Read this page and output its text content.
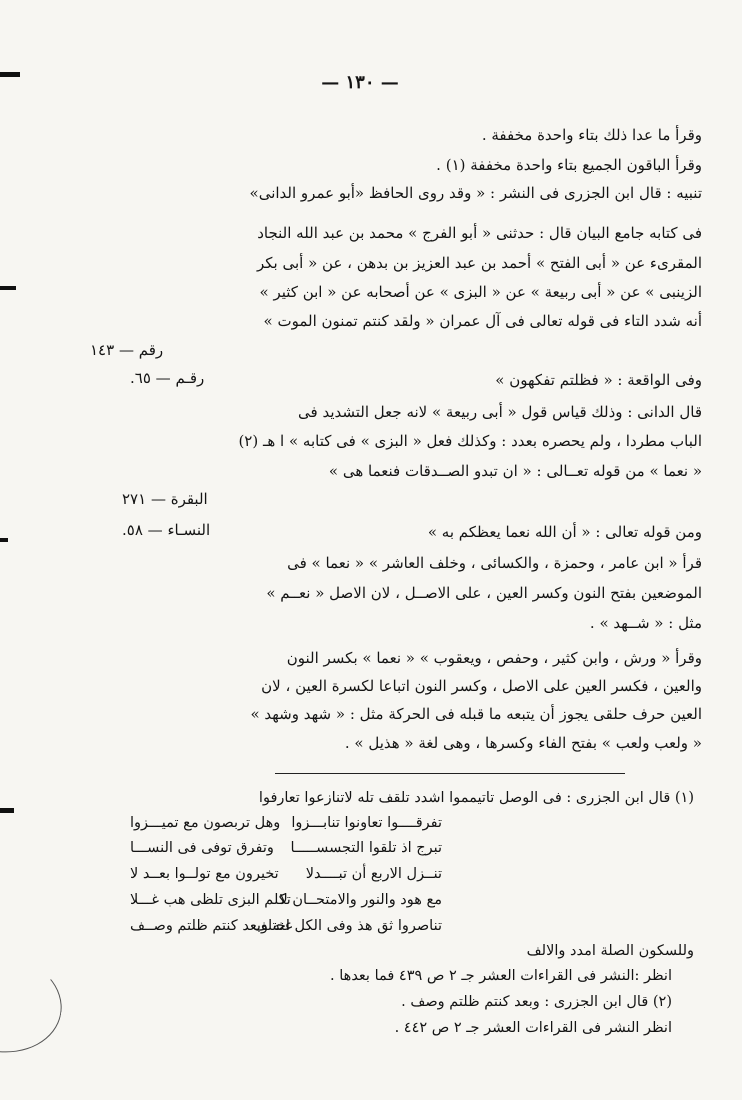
— ١٣٠ —
وقرأ ما عدا ذلك بتاء واحدة مخففة .
وقرأ الباقون الجميع بتاء واحدة مخففة (١) .
تنبيه : قال ابن الجزرى فى النشر : « وقد روى الحافظ «أبو عمرو الدانى»
فى كتابه جامع البيان قال : حدثنى « أبو الفرج » محمد بن عبد الله النجاد
المقرىء عن « أبى الفتح » أحمد بن عبد العزيز بن بدهن ، عن « أبى بكر
الزينبى » عن « أبى ربيعة » عن « البزى » عن أصحابه عن « ابن كثير »
أنه شدد التاء فى قوله تعالى فى آل عمران « ولقد كنتم تمنون الموت »
رقم — ١٤٣
وفى الواقعة : « فظلتم تفكهون »
رقـم — ٦٥.
قال الدانى : وذلك قياس قول « أبى ربيعة » لانه جعل التشديد فى
الباب مطردا ، ولم يحصره بعدد : وكذلك فعل « البزى » فى كتابه » ا هـ (٢)
« نعما » من قوله تعــالى : « ان تبدو الصــدقات فنعما هى »
البقرة — ٢٧١
ومن قوله تعالى : « أن الله نعما يعظكم به »
النسـاء — ٥٨.
قرأ « ابن عامر ، وحمزة ، والكسائى ، وخلف العاشر » « نعما » فى
الموضعين بفتح النون وكسر العين ، على الاصــل ، لان الاصل « نعــم »
مثل : « شــهد » .
وقرأ « ورش ، وابن كثير ، وحفص ، ويعقوب » « نعما » بكسر النون
والعين ، فكسر العين على الاصل ، وكسر النون اتباعا لكسرة العين ، لان
العين حرف حلقى يجوز أن يتبعه ما قبله فى الحركة مثل : « شهد وشهد »
« ولعب ولعب » بفتح الفاء وكسرها ، وهى لغة « هذيل » .
(١) قال ابن الجزرى : فى الوصل تاتيمموا اشدد تلقف تله لاتنازعوا تعارفوا
تفرقــــوا تعاونوا تنابـــزوا
وهل تربصون مع تميـــزوا
تبرج اذ تلقوا التجسســـــا
وتفرق توفى فى النســـا
تنــزل الاربع أن تبــــدلا
تخيرون مع تولــوا بعــد لا
مع هود والنور والامتحــان لا
تكلم البزى تلظى هب غـــلا
تناصروا ثق هذ وفى الكل اختلف
عنه وبعد كنتم ظلتم وصــف
وللسكون الصلة امدد والالف
انظر :النشر فى القراءات العشر جـ ٢ ص ٤٣٩ فما بعدها .
(٢) قال ابن الجزرى : وبعد كنتم ظلتم وصف .
انظر النشر فى القراءات العشر جـ ٢ ص ٤٤٢ .
